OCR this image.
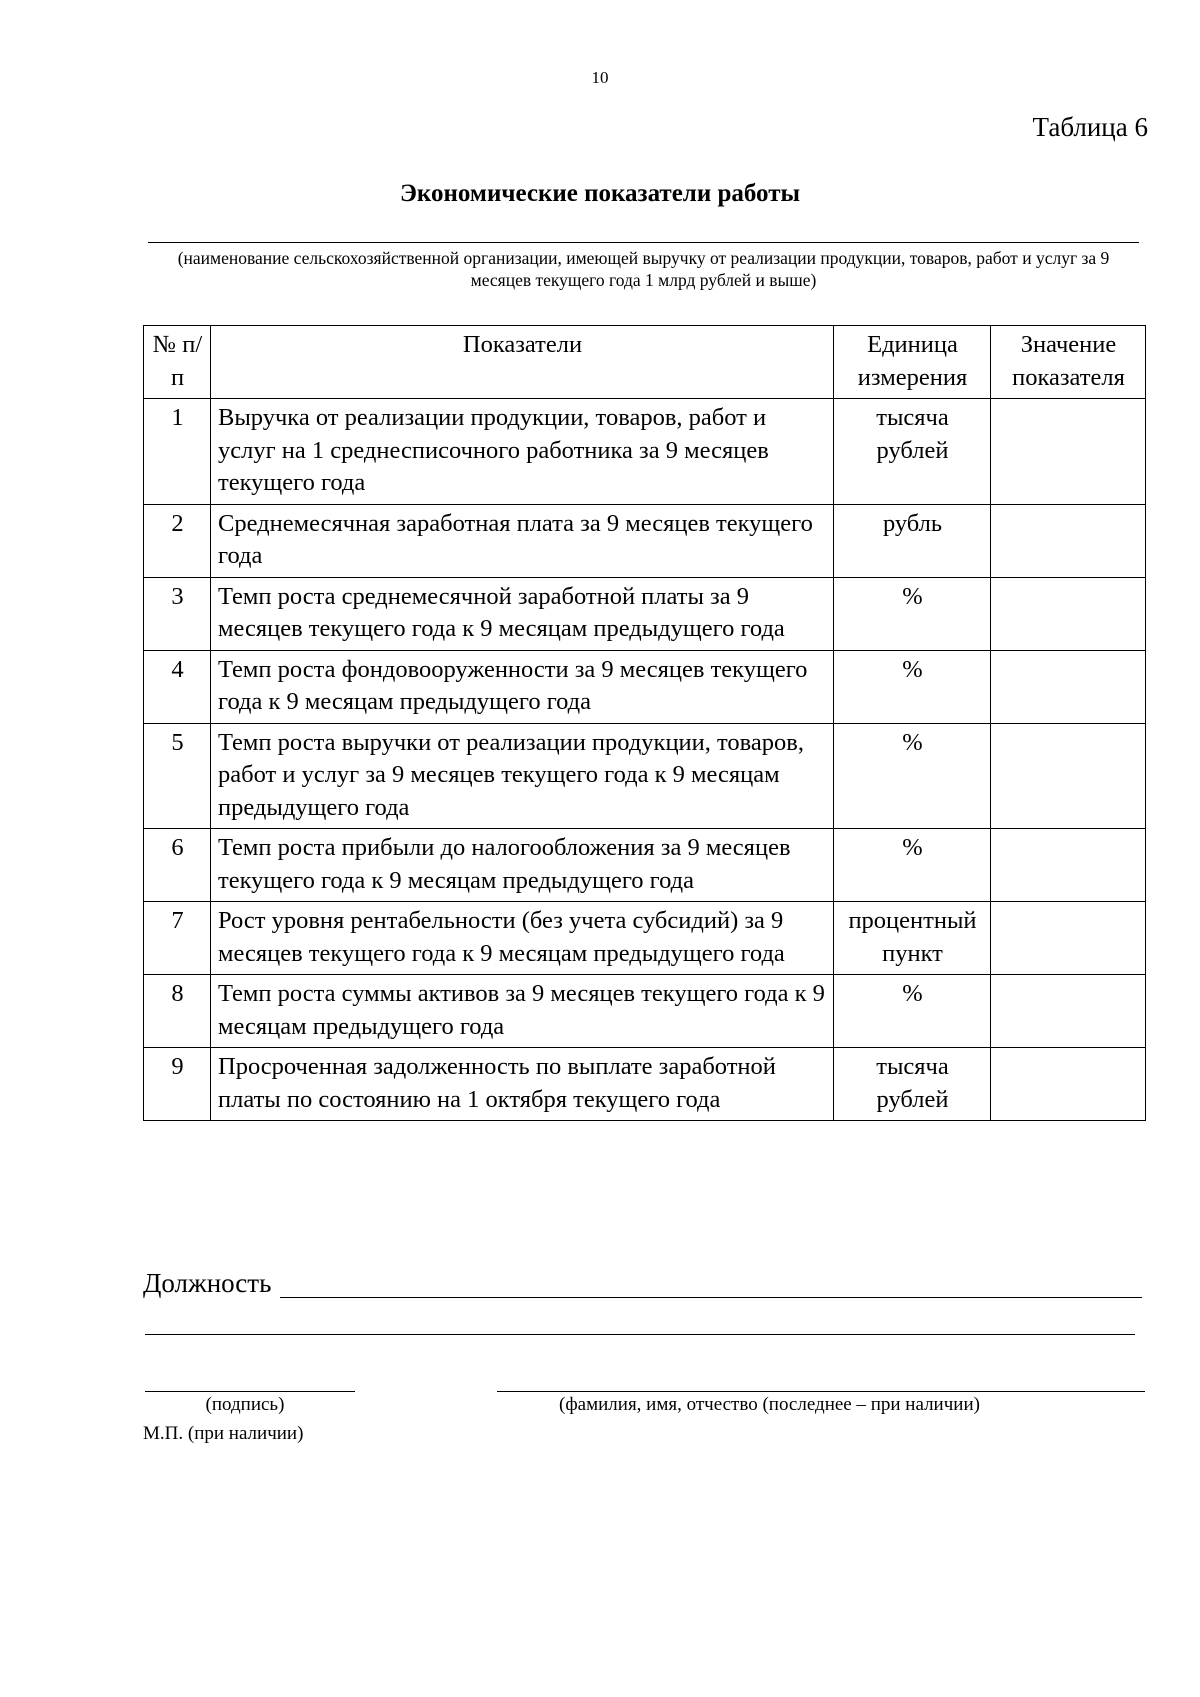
10
Таблица 6
Экономические показатели работы
(наименование сельскохозяйственной организации, имеющей выручку от реализации продукции, товаров, работ и услуг за 9 месяцев текущего года 1 млрд рублей и выше)
№ п/п	Показатели	Единица измерения	Значение показателя
1	Выручка от реализации продукции, товаров, работ и услуг на 1 среднесписочного работника за 9 месяцев текущего года	тысяча рублей	
2	Среднемесячная заработная плата за 9 месяцев текущего года	рубль	
3	Темп роста среднемесячной заработной платы за 9 месяцев текущего года к 9 месяцам предыдущего года	%	
4	Темп роста фондовооруженности за 9 месяцев текущего года к 9 месяцам предыдущего года	%	
5	Темп роста выручки от реализации продукции, товаров, работ и услуг за 9 месяцев текущего года к 9 месяцам предыдущего года	%	
6	Темп роста прибыли до налогообложения за 9 месяцев текущего года к 9 месяцам предыдущего года	%	
7	Рост уровня рентабельности (без учета субсидий) за 9 месяцев текущего года к 9 месяцам предыдущего года	процентный пункт	
8	Темп роста суммы активов за 9 месяцев текущего года к 9 месяцам предыдущего года	%	
9	Просроченная задолженность по выплате заработной платы по состоянию на 1 октября текущего года	тысяча рублей	
Должность
(подпись)	(фамилия, имя, отчество (последнее – при наличии)
М.П. (при наличии)
